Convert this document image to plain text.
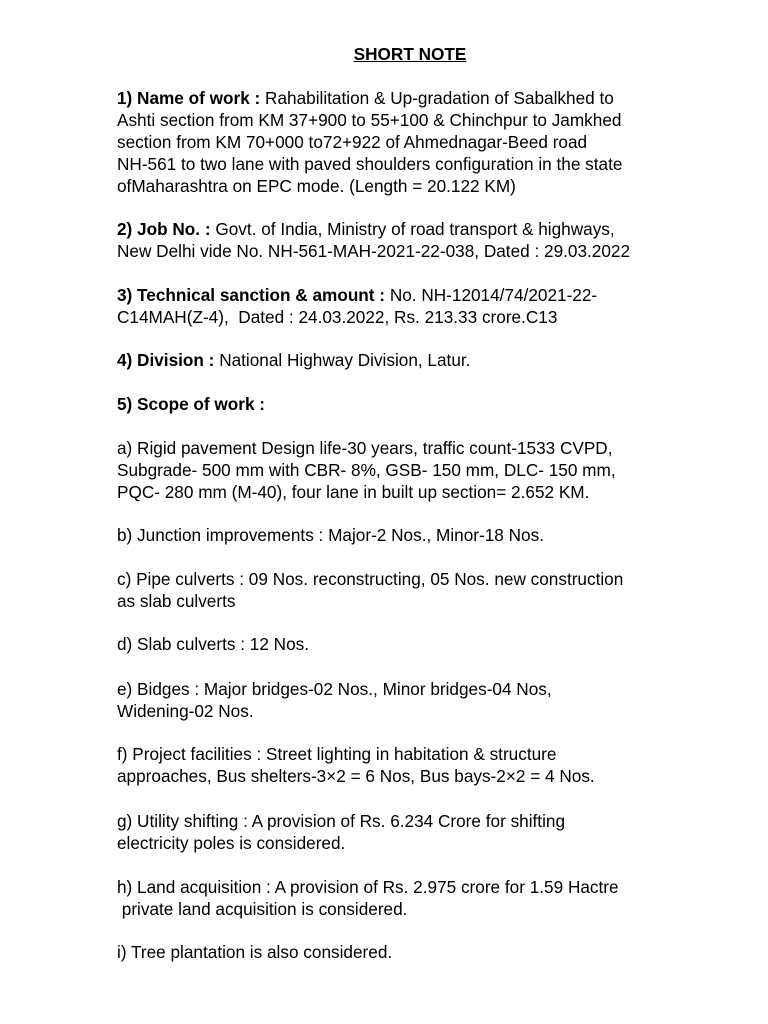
SHORT NOTE
1) Name of work : Rahabilitation & Up-gradation of Sabalkhed to
Ashti section from KM 37+900 to 55+100 & Chinchpur to Jamkhed
section from KM 70+000 to72+922 of Ahmednagar-Beed road
NH-561 to two lane with paved shoulders configuration in the state
ofMaharashtra on EPC mode. (Length = 20.122 KM)
2) Job No. : Govt. of India, Ministry of road transport & highways,
New Delhi vide No. NH-561-MAH-2021-22-038, Dated : 29.03.2022
3) Technical sanction & amount : No. NH-12014/74/2021-22-
C14MAH(Z-4),  Dated : 24.03.2022, Rs. 213.33 crore.C13
4) Division : National Highway Division, Latur.
5) Scope of work :
a) Rigid pavement Design life-30 years, traffic count-1533 CVPD,
Subgrade- 500 mm with CBR- 8%, GSB- 150 mm, DLC- 150 mm,
PQC- 280 mm (M-40), four lane in built up section= 2.652 KM.
b) Junction improvements : Major-2 Nos., Minor-18 Nos.
c) Pipe culverts : 09 Nos. reconstructing, 05 Nos. new construction
as slab culverts
d) Slab culverts : 12 Nos.
e) Bidges : Major bridges-02 Nos., Minor bridges-04 Nos,
Widening-02 Nos.
f) Project facilities : Street lighting in habitation & structure
approaches, Bus shelters-3×2 = 6 Nos, Bus bays-2×2 = 4 Nos.
g) Utility shifting : A provision of Rs. 6.234 Crore for shifting
electricity poles is considered.
h) Land acquisition : A provision of Rs. 2.975 crore for 1.59 Hactre
private land acquisition is considered.
i) Tree plantation is also considered.
